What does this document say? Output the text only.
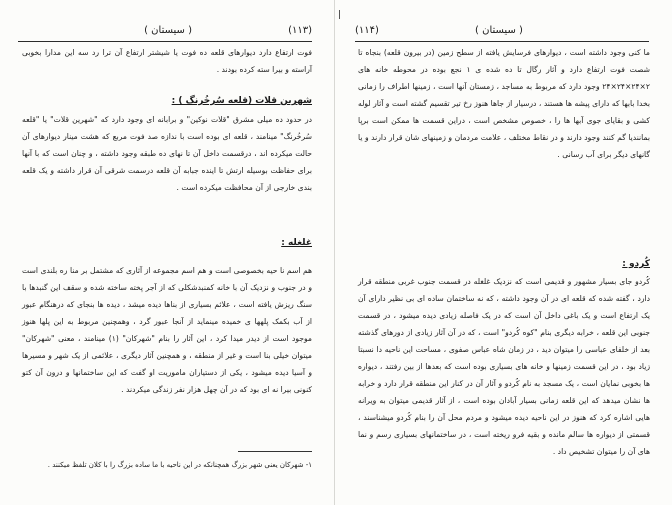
( سیستان )	(۱۱۳)
فوت ارتفاع دارد دیوارهای قلعه ده فوت یا شیشتر ارتفاع آن ترا رد سه این مدارا بخوبی آراسته و بیرا سته کرده بودند .
شهرین قلات (قلعه سُرخُرنگ ) :
در حدود ده میلی مشرق "قلات نوکین" و برابانه ای وجود دارد که "شهرین قلات" یا "قلعه سُرخُرنگ" مینامند ، قلعه ای بوده است با ندازه صد فوت مربع که هشت مینار دیوارهای آن حالت میکرده اند ، درقسمت داخل آن تا نهای ده طبقه وجود داشته ، و چنان است که با آنها برای حفاظت بوسیله ارتش تا اینده جبابه آن قلعه درسمت شرقی آن قرار داشته و یک قلعه بندی خارجی از آن محافظت میکرده است .
غلغله :
هم اسم نا حیه بخصوصی است و هم اسم مجموعه از آثاری که مشتمل بر منا ره بلندی است و در جنوب و نزدیک آن با خانه کمنبدشکلی که از آجر پخته ساخته شده و سقف این گنبدها با سنگ ریزش یافته است ، علائم بسیاری از بناها دیده میشد ، دیده ها بنجای که درهنگام عبور از آب بکمک پلهها ی خمیده مینماید از آنجا عبور گرد ، وهمچنین مربوط به این پلها هنوز موجود است از دیدر میدا کرد ، این آثار را بنام "شهرکان" (۱) مینامند ، معنی "شهرکان" میتوان خیلی بنا است و غیر از منطقه ، و همچنین آثار دیگری ، علائمی از یک شهر و مسیرها و آسیا دیده میشود ، یکی از دستیاران ماموریت او گفت که این ساختمانها و درون آن کتو کنونی بیرا نه ای بود که در آن چهل هزار نفر زندگی میکردند .
۱- شهرکان یعنی شهر بزرگ همچنانکه در این ناحیه با ما ساده بزرگ را با کلان تلفظ میکنند .
(۱۱۴)	( سیستان )
ما کنی وجود داشته است ، دیوارهای فرسایش یافته از سطح زمین (در بیرون قلعه) بنجاه تا شصت فوت ارتفاع دارد و آثار رگال تا ده شده ی ۱ نجع بوده در محوطه خانه های ۲×۲۴×۲۴×۲۴ وجود دارد که مربوط به مساجد ، زمستان آنها است ، زمینها اطراف را زمانی بخدا بابها که دارای پیشه ها هستند ، درسیار از جاها هنوز رخ تیر تقسیم گشته است و آثار لوله کشی و بقایای جوی آبها ها را ، خصوص مشخص است ، دراین قسمت ها ممکن است برپا بمانندیا گم کنند وجود دارند و در نقاط مختلف ، علامت مردمان و زمینهای شان قرار دارند و یا گانهای دیگر برای آب رسانی .
کُردو :
کُردو جای بسیار مشهور و قدیمی است که نزدیک غلغله در قسمت جنوب غربی منطقه قرار دارد ، گفته شده که قلعه ای در آن وجود داشته ، که نه ساختمان ساده ای بی نظیر دارای آن یک ارتفاع است و یک باغی داخل آن است که در یک فاصله زیادی دیده میشود ، در قسمت جنوبی این قلعه ، خرابه دیگری بنام "کوه کُردو" است ، که در آن آثار زیادی از دورهای گذشته بعد از خلفای عباسی را میتوان دید ، در زمان شاه عباس صفوی ، مساحت این ناحیه دا نسبتا زیاد بود ، در این قسمت زمینها و خانه های بسیاری بوده است که بعدها از بین رفتند ، دیواره ها بخوبی نمایان است ، یک مسجد به نام کُردو و آثار آن در کنار این منطقه قرار دارد و خرابه ها نشان میدهد که این قلعه زمانی بسیار آبادان بوده است ، از آثار قدیمی میتوان به ویرانه هایی اشاره کرد که هنوز در این ناحیه دیده میشود و مردم محل آن را بنام کُردو میشناسند ، قسمتی از دیواره ها سالم مانده و بقیه فرو ریخته است ، در ساختمانهای بسیاری رسم و نما های آن را میتوان تشخیص داد .
